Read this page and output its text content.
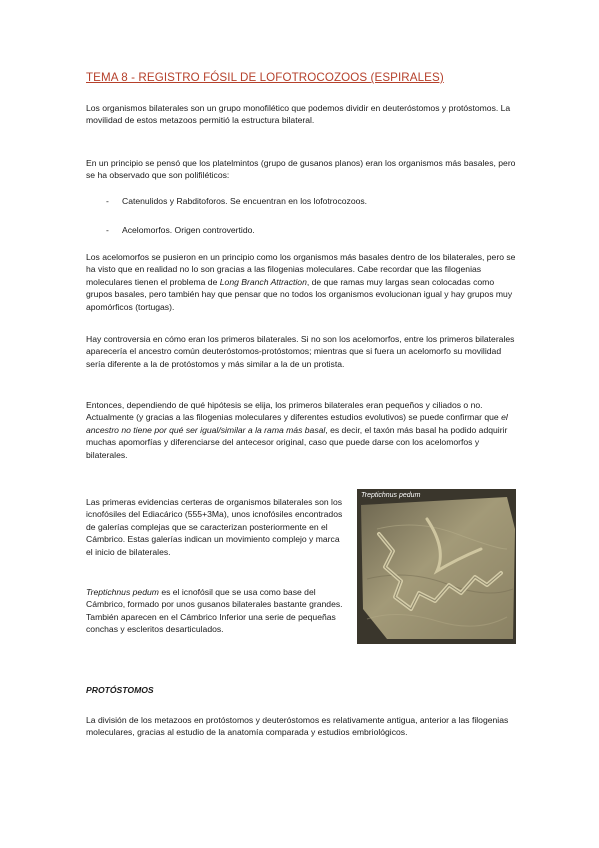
TEMA 8 - REGISTRO FÓSIL DE LOFOTROCOZOOS (ESPIRALES)

Los organismos bilaterales son un grupo monofilético que podemos dividir en deuteróstomos y protóstomos. La movilidad de estos metazoos permitió la estructura bilateral.

En un principio se pensó que los platelmintos (grupo de gusanos planos) eran los organismos más basales, pero se ha observado que son polifiléticos:

- Catenulidos y Rabditoforos. Se encuentran en los lofotrocozoos.

- Acelomorfos. Origen controvertido.

Los acelomorfos se pusieron en un principio como los organismos más basales dentro de los bilaterales, pero se ha visto que en realidad no lo son gracias a las filogenias moleculares. Cabe recordar que las filogenias moleculares tienen el problema de Long Branch Attraction, de que ramas muy largas sean colocadas como grupos basales, pero también hay que pensar que no todos los organismos evolucionan igual y hay grupos muy apomórficos (tortugas).

Hay controversia en cómo eran los primeros bilaterales. Si no son los acelomorfos, entre los primeros bilaterales aparecería el ancestro común deuteróstomos-protóstomos; mientras que si fuera un acelomorfo su movilidad sería diferente a la de protóstomos y más similar a la de un protista.

Entonces, dependiendo de qué hipótesis se elija, los primeros bilaterales eran pequeños y ciliados o no. Actualmente (y gracias a las filogenias moleculares y diferentes estudios evolutivos) se puede confirmar que el ancestro no tiene por qué ser igual/similar a la rama más basal, es decir, el taxón más basal ha podido adquirir muchas apomorfías y diferenciarse del antecesor original, caso que puede darse con los acelomorfos y bilaterales.

Las primeras evidencias certeras de organismos bilaterales son los icnofósiles del Ediacárico (555+3Ma), unos icnofósiles encontrados de galerías complejas que se caracterizan posteriormente en el Cámbrico. Estas galerías indican un movimiento complejo y marca el inicio de bilaterales.

Treptichnus pedum es el icnofósil que se usa como base del Cámbrico, formado por unos gusanos bilaterales bastante grandes. También aparecen en el Cámbrico Inferior una serie de pequeñas conchas y escleritos desarticulados.

PROTÓSTOMOS

La división de los metazoos en protóstomos y deuteróstomos es relativamente antigua, anterior a las filogenias moleculares, gracias al estudio de la anatomía comparada y estudios embriológicos.

Treptichnus pedum
